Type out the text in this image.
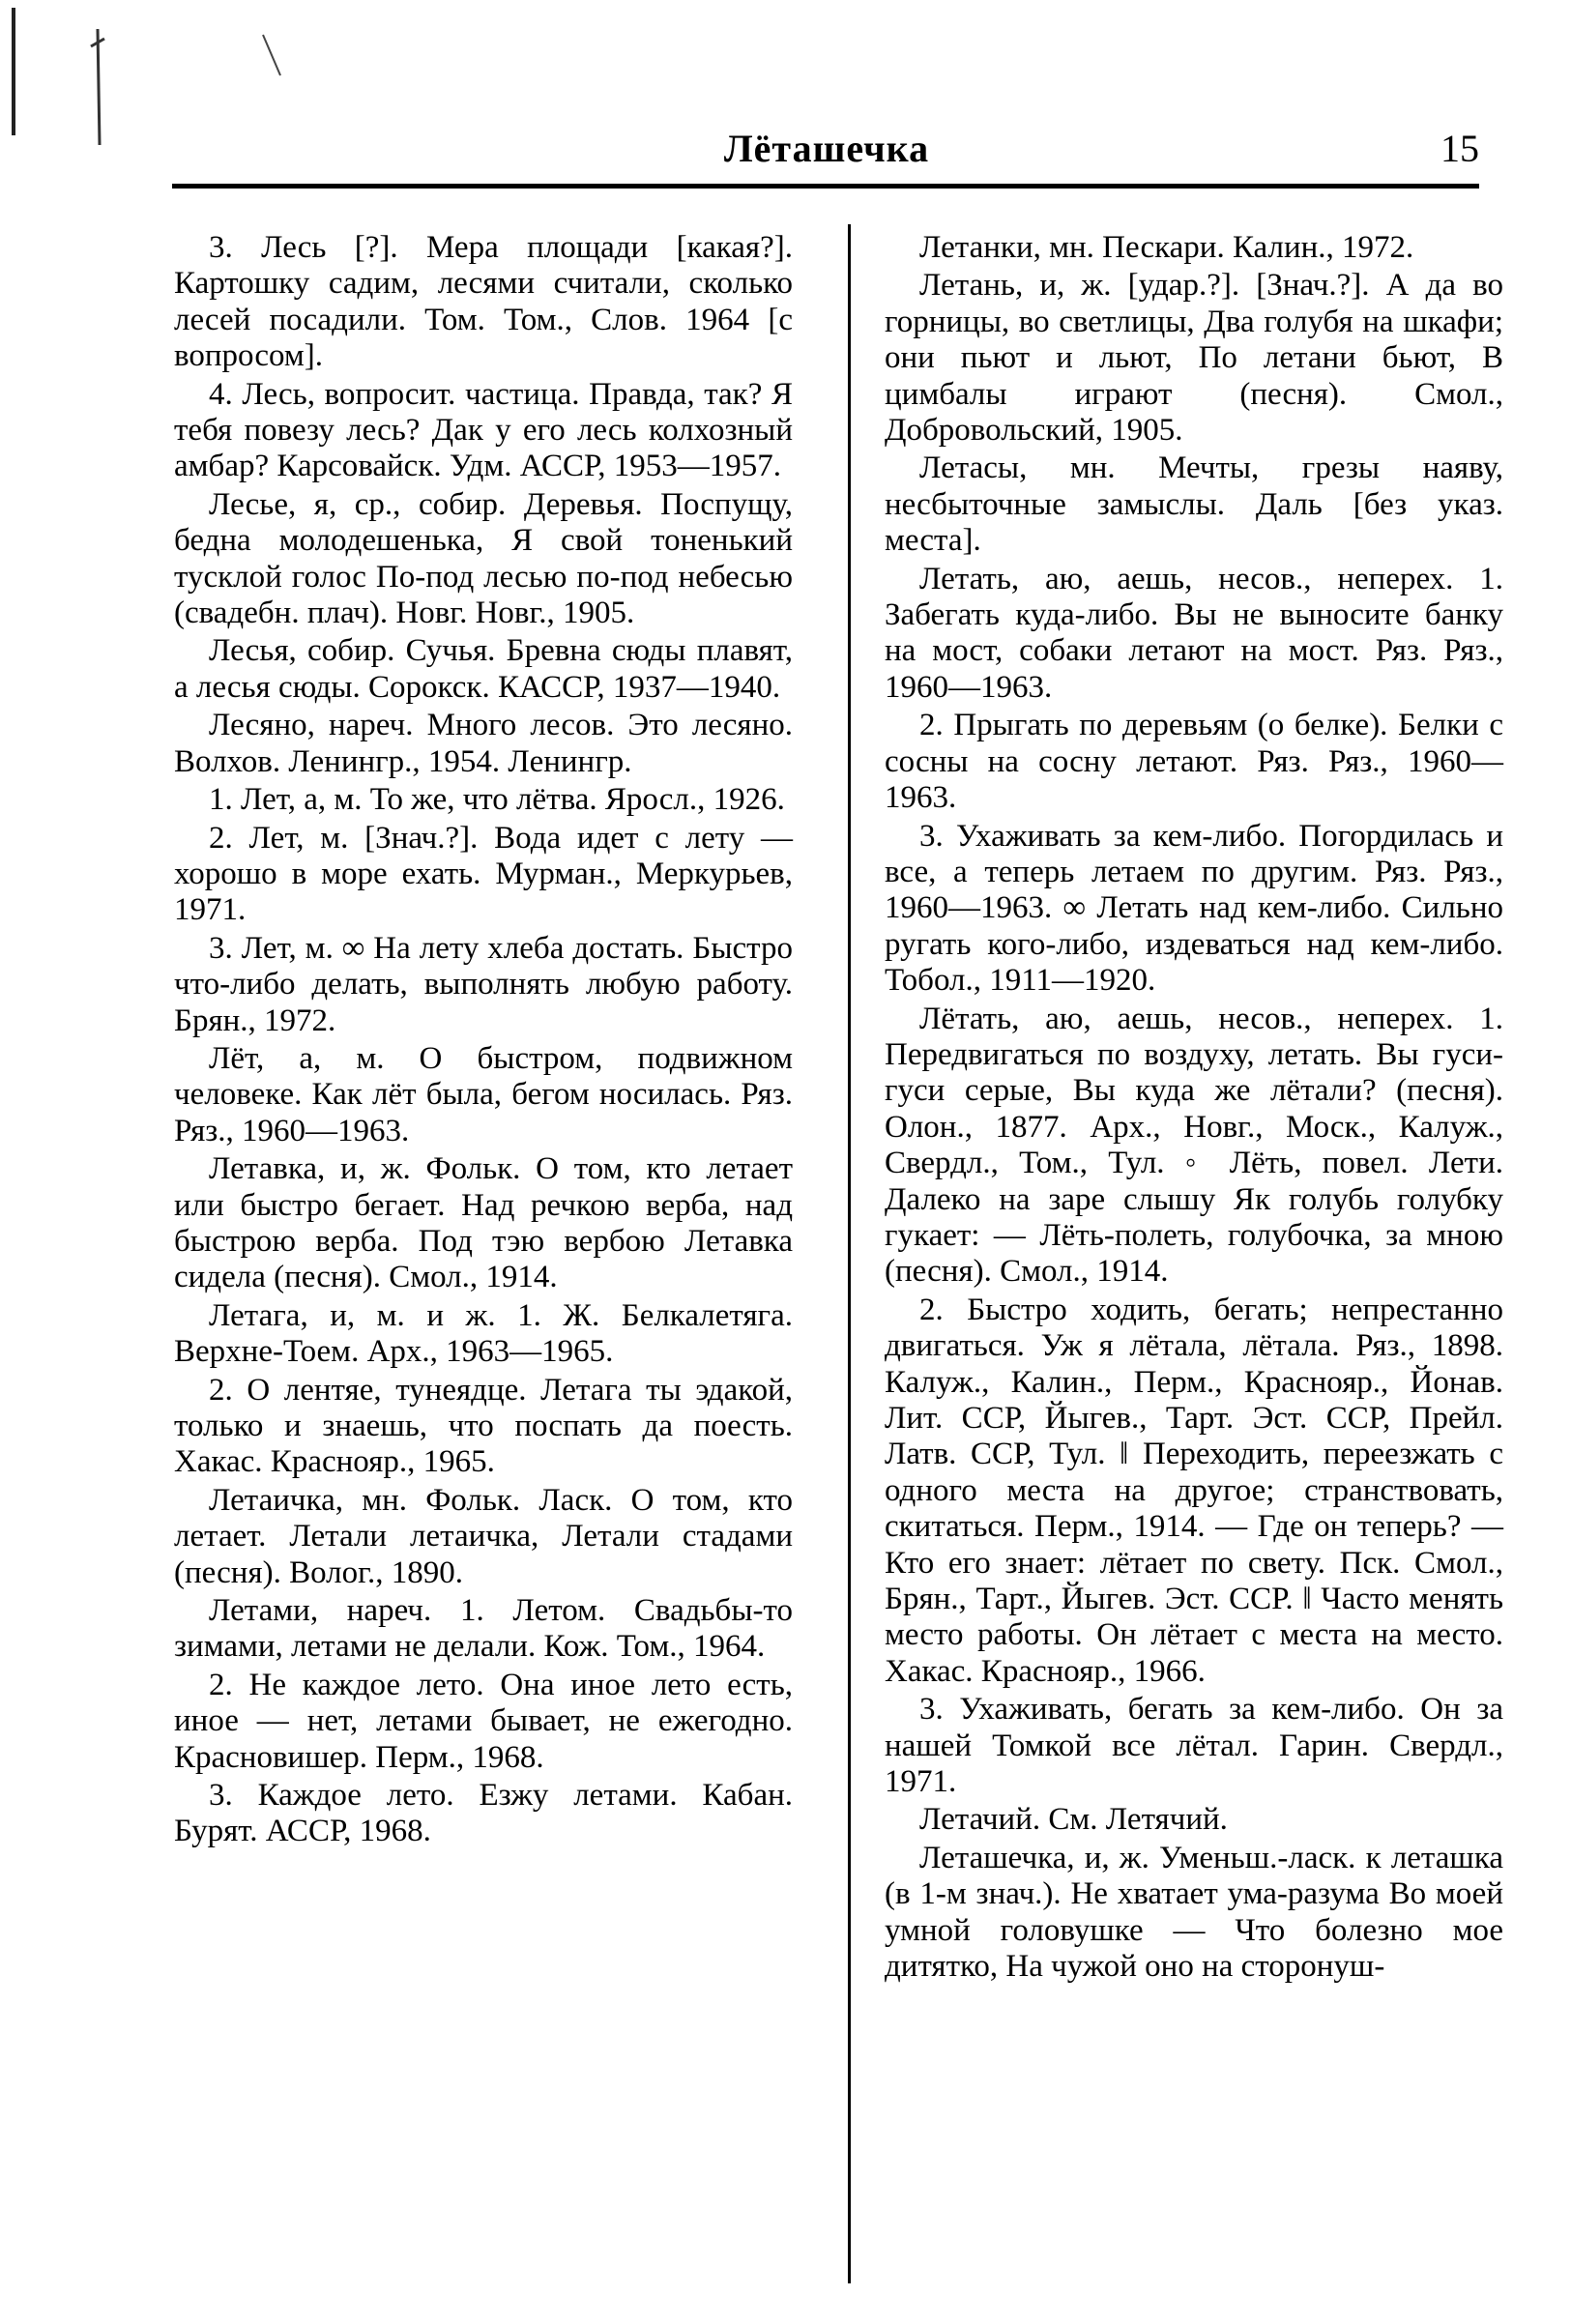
Лёташечка	15

3. Лесь [?]. Мера площади [какая?]. Картошку садим, лесями считали, сколько лесей посадили. Том. Том., Слов. 1964 [с вопросом].

4. Лесь, вопросит. частица. Правда, так? Я тебя повезу лесь? Дак у его лесь колхозный амбар? Карсовайск. Удм. АССР, 1953—1957.

Лесье, я, ср., собир. Деревья. Поспущу, бедна молодешенька, Я свой тоненький тусклой голос По-под лесью по-под небесью (свадебн. плач). Новг. Новг., 1905.

Лесья, собир. Сучья. Бревна сюды плавят, а лесья сюды. Сорокск. КАССР, 1937—1940.

Лесяно, нареч. Много лесов. Это лесяно. Волхов. Ленингр., 1954. Ленингр.

1. Лет, а, м. То же, что лётва. Яросл., 1926.

2. Лет, м. [Знач.?]. Вода идет с лету — хорошо в море ехать. Мурман., Меркурьев, 1971.

3. Лет, м. ∞ На лету хлеба достать. Быстро что-либо делать, выполнять любую работу. Брян., 1972.

Лёт, а, м. О быстром, подвижном человеке. Как лёт была, бегом носилась. Ряз. Ряз., 1960—1963.

Летавка, и, ж. Фольк. О том, кто летает или быстро бегает. Над речкою верба, над быстрою верба. Под тэю вербою Летавка сидела (песня). Смол., 1914.

Летага, и, м. и ж. 1. Ж. Белкалетяга. Верхне-Тоем. Арх., 1963—1965.

2. О лентяе, тунеядце. Летага ты эдакой, только и знаешь, что поспать да поесть. Хакас. Краснояр., 1965.

Летаичка, мн. Фольк. Ласк. О том, кто летает. Летали летаичка, Летали стадами (песня). Волог., 1890.

Летами, нареч. 1. Летом. Свадьбы-то зимами, летами не делали. Кож. Том., 1964.

2. Не каждое лето. Она иное лето есть, иное — нет, летами бывает, не ежегодно. Красновишер. Перм., 1968.

3. Каждое лето. Езжу летами. Кабан. Бурят. АССР, 1968.

Летанки, мн. Пескари. Калин., 1972.

Летань, и, ж. [удар.?]. [Знач.?]. А да во горницы, во светлицы, Два голубя на шкафи; они пьют и льют, По летани бьют, В цимбалы играют (песня). Смол., Добровольский, 1905.

Летасы, мн. Мечты, грезы наяву, несбыточные замыслы. Даль [без указ. места].

Летать, аю, аешь, несов., неперех. 1. Забегать куда-либо. Вы не выносите банку на мост, собаки летают на мост. Ряз. Ряз., 1960—1963.

2. Прыгать по деревьям (о белке). Белки с сосны на сосну летают. Ряз. Ряз., 1960—1963.

3. Ухаживать за кем-либо. Погордилась и все, а теперь летаем по другим. Ряз. Ряз., 1960—1963. ∞ Летать над кем-либо. Сильно ругать кого-либо, издеваться над кем-либо. Тобол., 1911—1920.

Лётать, аю, аешь, несов., неперех. 1. Передвигаться по воздуху, летать. Вы гуси-гуси серые, Вы куда же лётали? (песня). Олон., 1877. Арх., Новг., Моск., Калуж., Свердл., Том., Тул. ◦ Лёть, повел. Лети. Далеко на заре слышу Як голубь голубку гукает: — Лёть-полеть, голубочка, за мною (песня). Смол., 1914.

2. Быстро ходить, бегать; непрестанно двигаться. Уж я лётала, лётала. Ряз., 1898. Калуж., Калин., Перм., Краснояр., Йонав. Лит. ССР, Йыгев., Тарт. Эст. ССР, Прейл. Латв. ССР, Тул. ‖ Переходить, переезжать с одного места на другое; странствовать, скитаться. Перм., 1914. — Где он теперь? — Кто его знает: лётает по свету. Пск. Смол., Брян., Тарт., Йыгев. Эст. ССР. ‖ Часто менять место работы. Он лётает с места на место. Хакас. Краснояр., 1966.

3. Ухаживать, бегать за кем-либо. Он за нашей Томкой все лётал. Гарин. Свердл., 1971.

Летачий. См. Летячий.

Леташечка, и, ж. Уменьш.-ласк. к леташка (в 1-м знач.). Не хватает ума-разума Во моей умной головушке — Что болезно мое дитятко, На чужой оно на сторонуш-
